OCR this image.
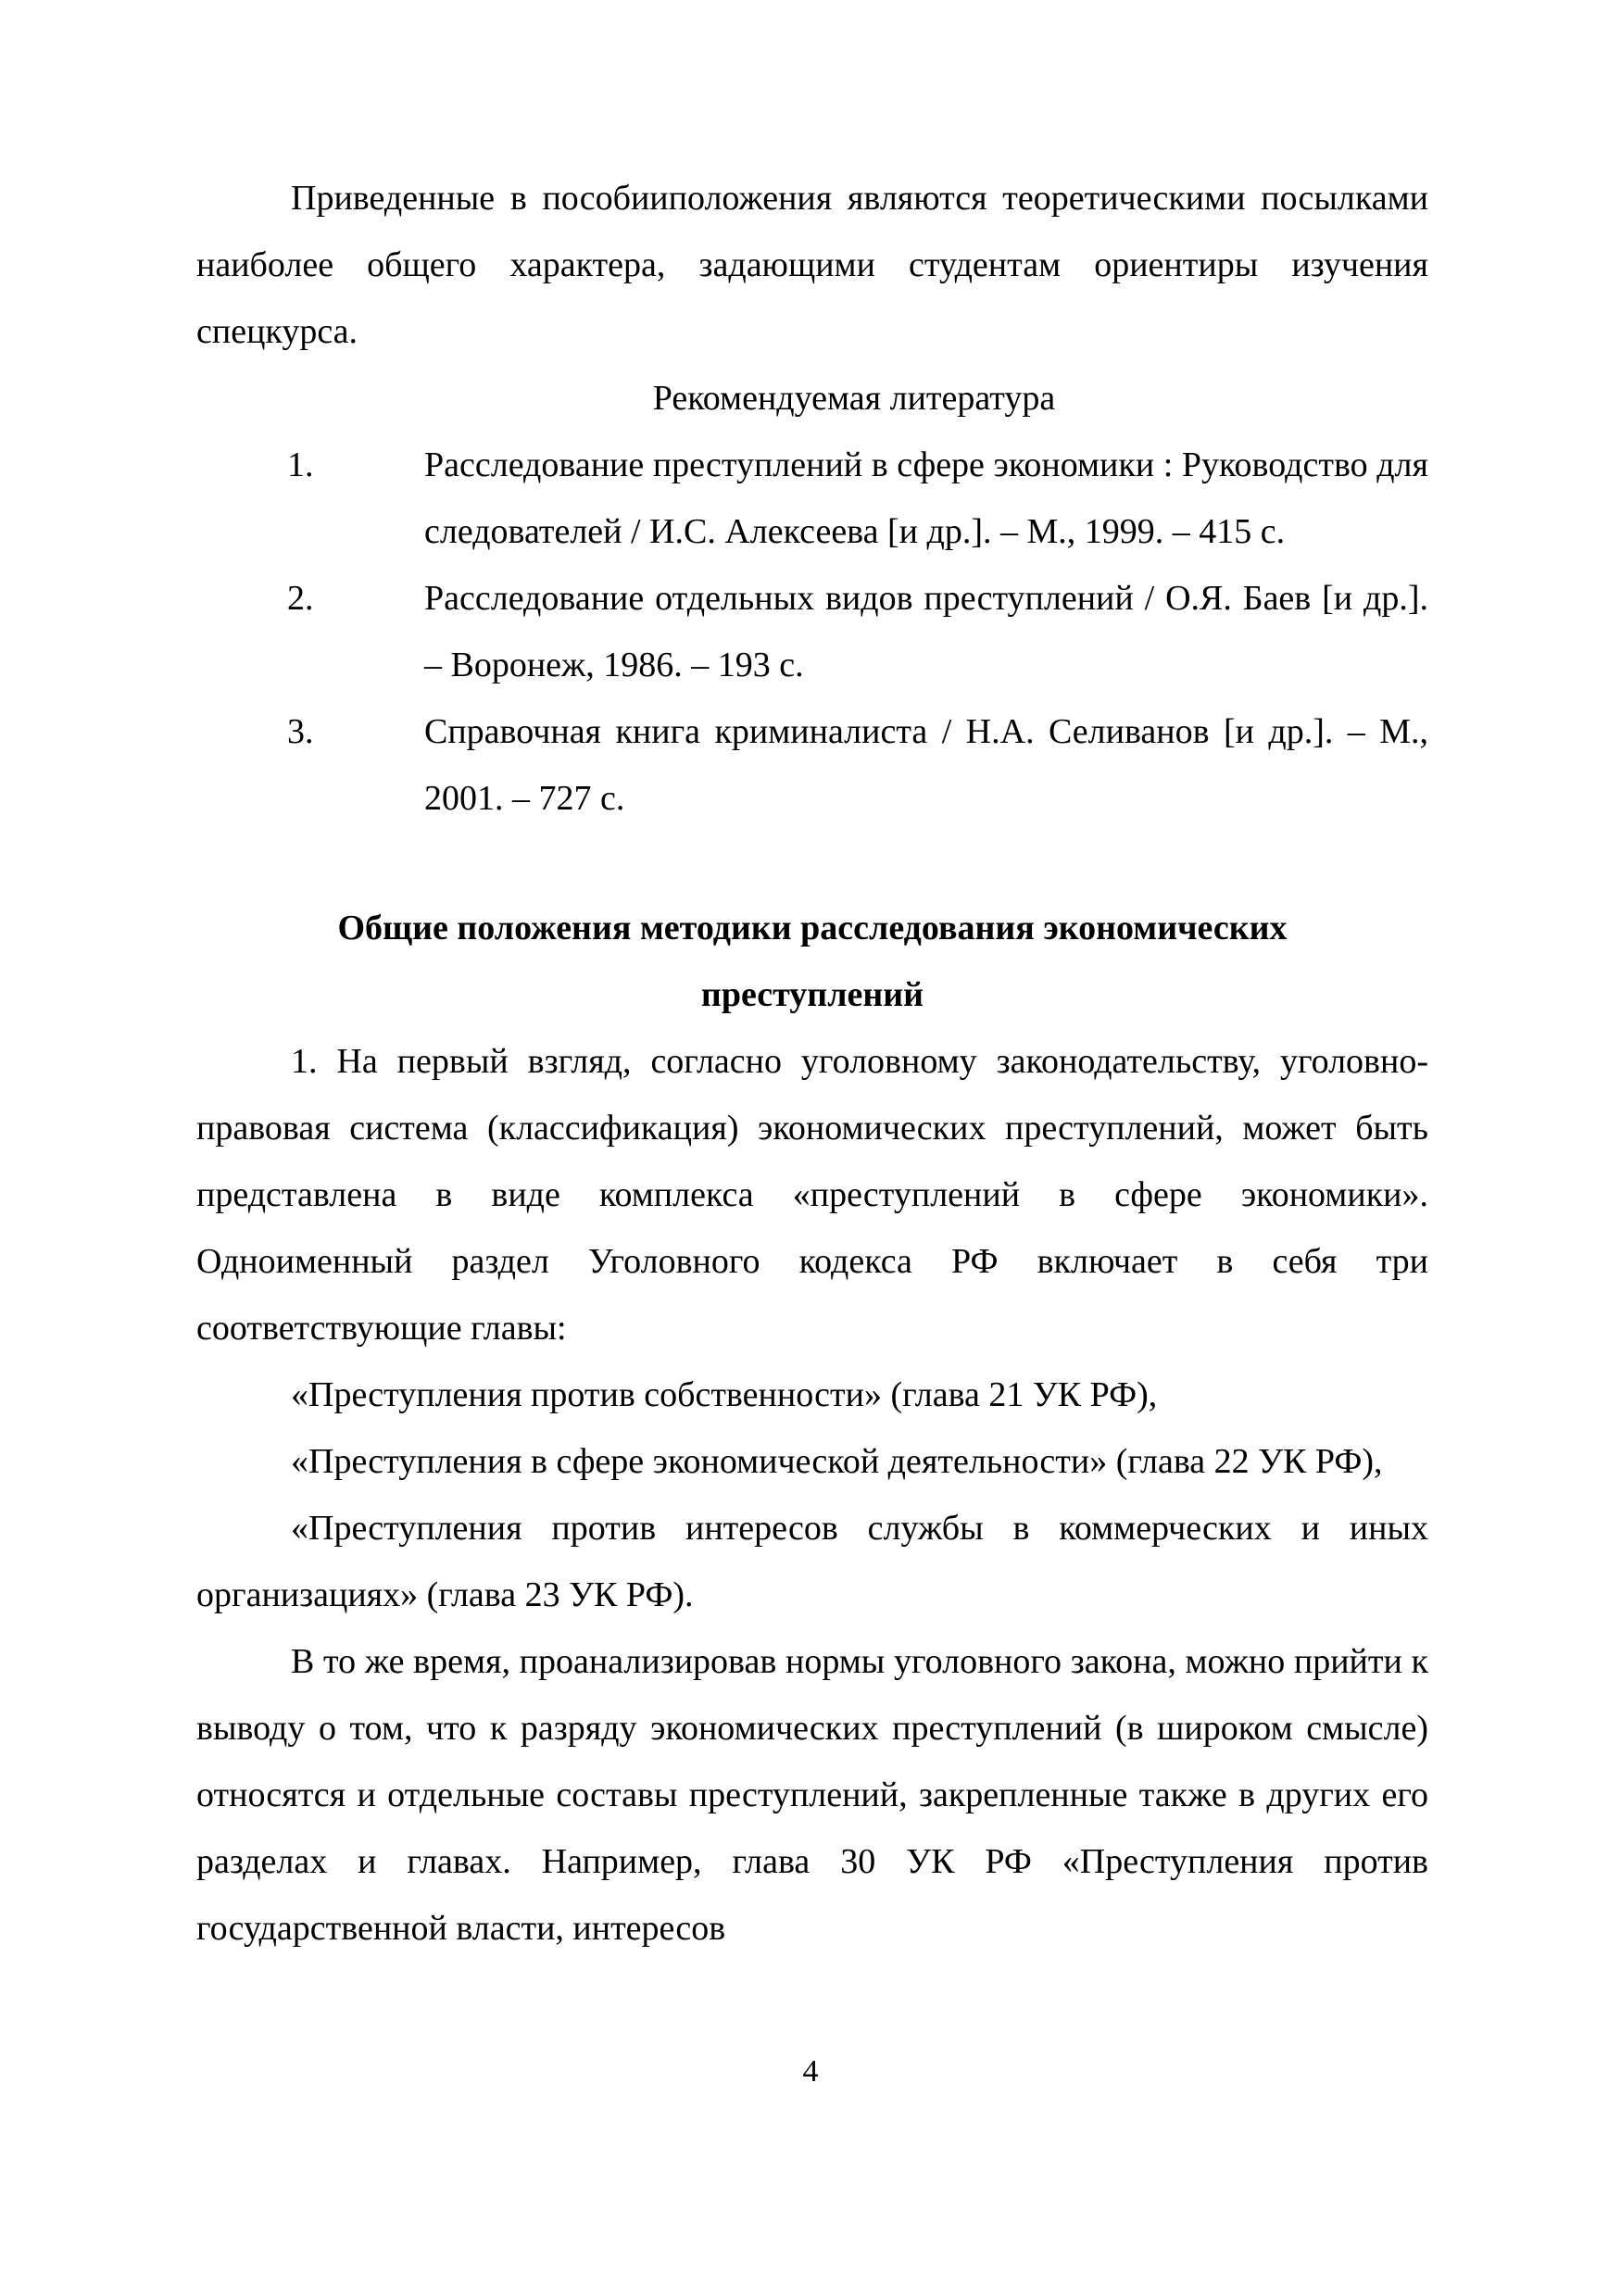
Приведенные в пособииположения являются теоретическими посылками наиболее общего характера, задающими студентам ориентиры изучения спецкурса.

Рекомендуемая литература

1.	Расследование преступлений в сфере экономики : Руководство для следователей / И.С. Алексеева [и др.]. – М., 1999. – 415 с.
2.	Расследование отдельных видов преступлений / О.Я. Баев [и др.]. – Воронеж, 1986. – 193 с.
3.	Справочная книга криминалиста / Н.А. Селиванов [и др.]. – М., 2001. – 727 с.
Общие положения методики расследования экономических
преступлений

1. На первый взгляд, согласно уголовному законодательству, уголовно-правовая система (классификация) экономических преступлений, может быть представлена в виде комплекса «преступлений в сфере экономики». Одноименный раздел Уголовного кодекса РФ включает в себя три соответствующие главы:

«Преступления против собственности» (глава 21 УК РФ),

«Преступления в сфере экономической деятельности» (глава 22 УК РФ),

«Преступления против интересов службы в коммерческих и иных организациях» (глава 23 УК РФ).

В то же время, проанализировав нормы уголовного закона, можно прийти к выводу о том, что к разряду экономических преступлений (в широком смысле) относятся и отдельные составы преступлений, закрепленные также в других его разделах и главах. Например, глава 30 УК РФ «Преступления против государственной власти, интересов

4
